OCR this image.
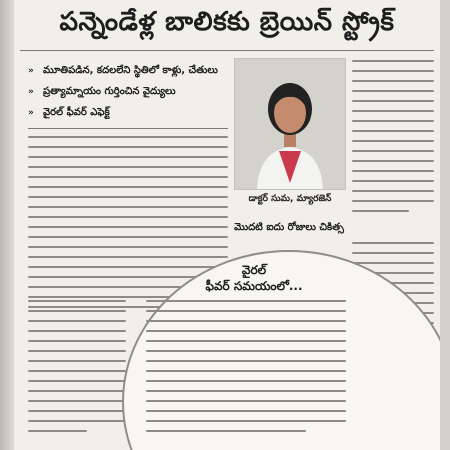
పన్నెండేళ్ల బాలికకు బ్రెయిన్ స్ట్రోక్
» మూతిపడిన, కదలలేని స్థితిలో కాళ్లు, చేతులు
» ప్రత్యామ్నాయం గుర్తించిన వైద్యులు
» వైరల్ ఫీవర్ ఎఫెక్ట్
డాక్టర్ సుమ, మ్యారజెన్
మొదటి ఐదు రోజులు చికిత్స
వైరల్
ఫీవర్ సమయంలో...
